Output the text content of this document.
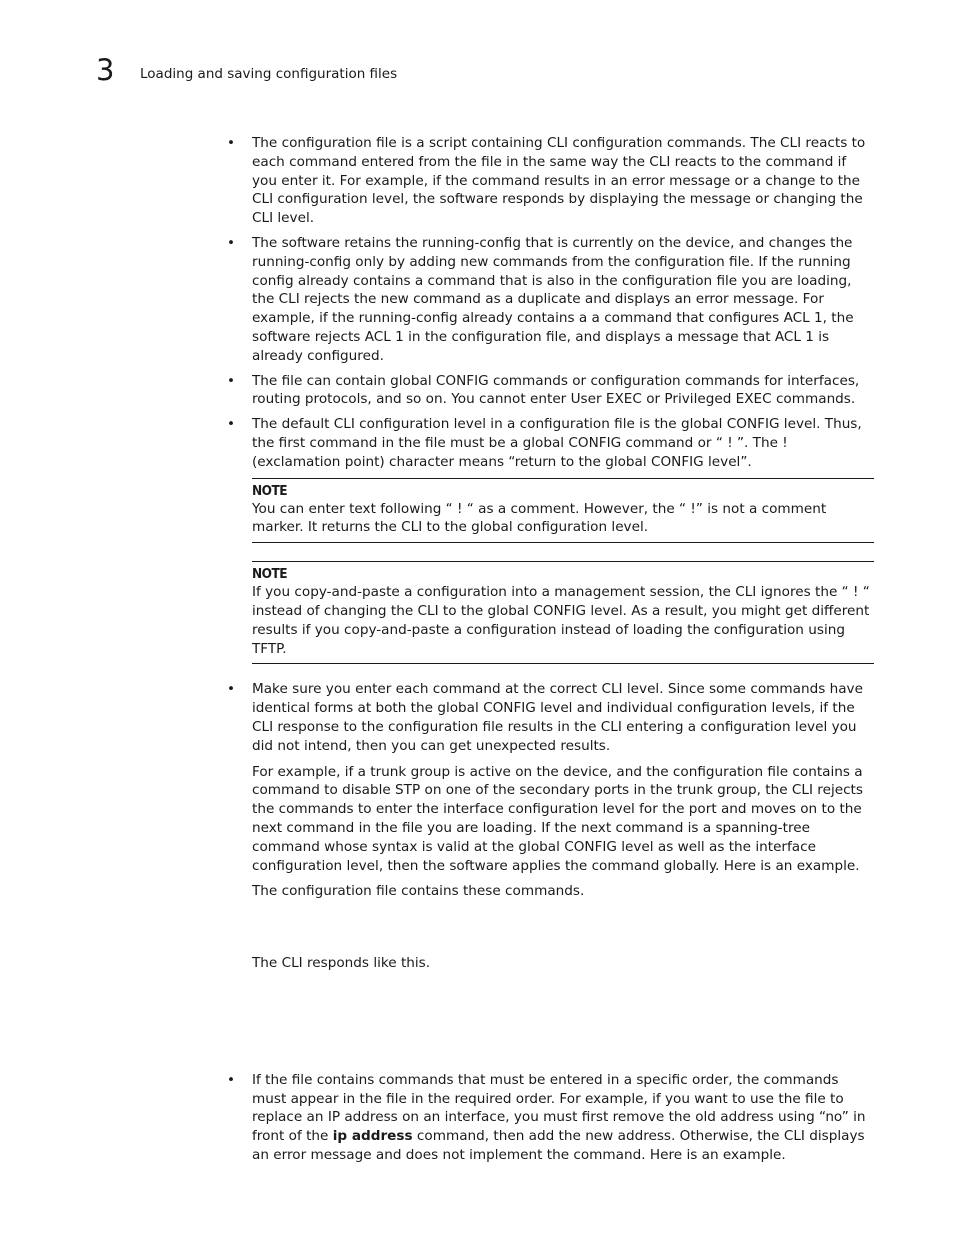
3 Loading and saving configuration files
• The configuration file is a script containing CLI configuration commands. The CLI reacts to each command entered from the file in the same way the CLI reacts to the command if you enter it. For example, if the command results in an error message or a change to the CLI configuration level, the software responds by displaying the message or changing the CLI level.

• The software retains the running-config that is currently on the device, and changes the running-config only by adding new commands from the configuration file. If the running config already contains a command that is also in the configuration file you are loading, the CLI rejects the new command as a duplicate and displays an error message. For example, if the running-config already contains a a command that configures ACL 1, the software rejects ACL 1 in the configuration file, and displays a message that ACL 1 is already configured.

• The file can contain global CONFIG commands or configuration commands for interfaces, routing protocols, and so on. You cannot enter User EXEC or Privileged EXEC commands.

• The default CLI configuration level in a configuration file is the global CONFIG level. Thus, the first command in the file must be a global CONFIG command or “ ! ”. The ! (exclamation point) character means “return to the global CONFIG level”.

NOTE

You can enter text following “ ! “ as a comment. However, the “ !” is not a comment marker. It returns the CLI to the global configuration level.

NOTE

If you copy-and-paste a configuration into a management session, the CLI ignores the “ ! “ instead of changing the CLI to the global CONFIG level. As a result, you might get different results if you copy-and-paste a configuration instead of loading the configuration using TFTP.

• Make sure you enter each command at the correct CLI level. Since some commands have identical forms at both the global CONFIG level and individual configuration levels, if the CLI response to the configuration file results in the CLI entering a configuration level you did not intend, then you can get unexpected results.

For example, if a trunk group is active on the device, and the configuration file contains a command to disable STP on one of the secondary ports in the trunk group, the CLI rejects the commands to enter the interface configuration level for the port and moves on to the next command in the file you are loading. If the next command is a spanning-tree command whose syntax is valid at the global CONFIG level as well as the interface configuration level, then the software applies the command globally. Here is an example.

The configuration file contains these commands.

The CLI responds like this.

• If the file contains commands that must be entered in a specific order, the commands must appear in the file in the required order. For example, if you want to use the file to replace an IP address on an interface, you must first remove the old address using “no” in front of the ip address command, then add the new address. Otherwise, the CLI displays an error message and does not implement the command. Here is an example.
